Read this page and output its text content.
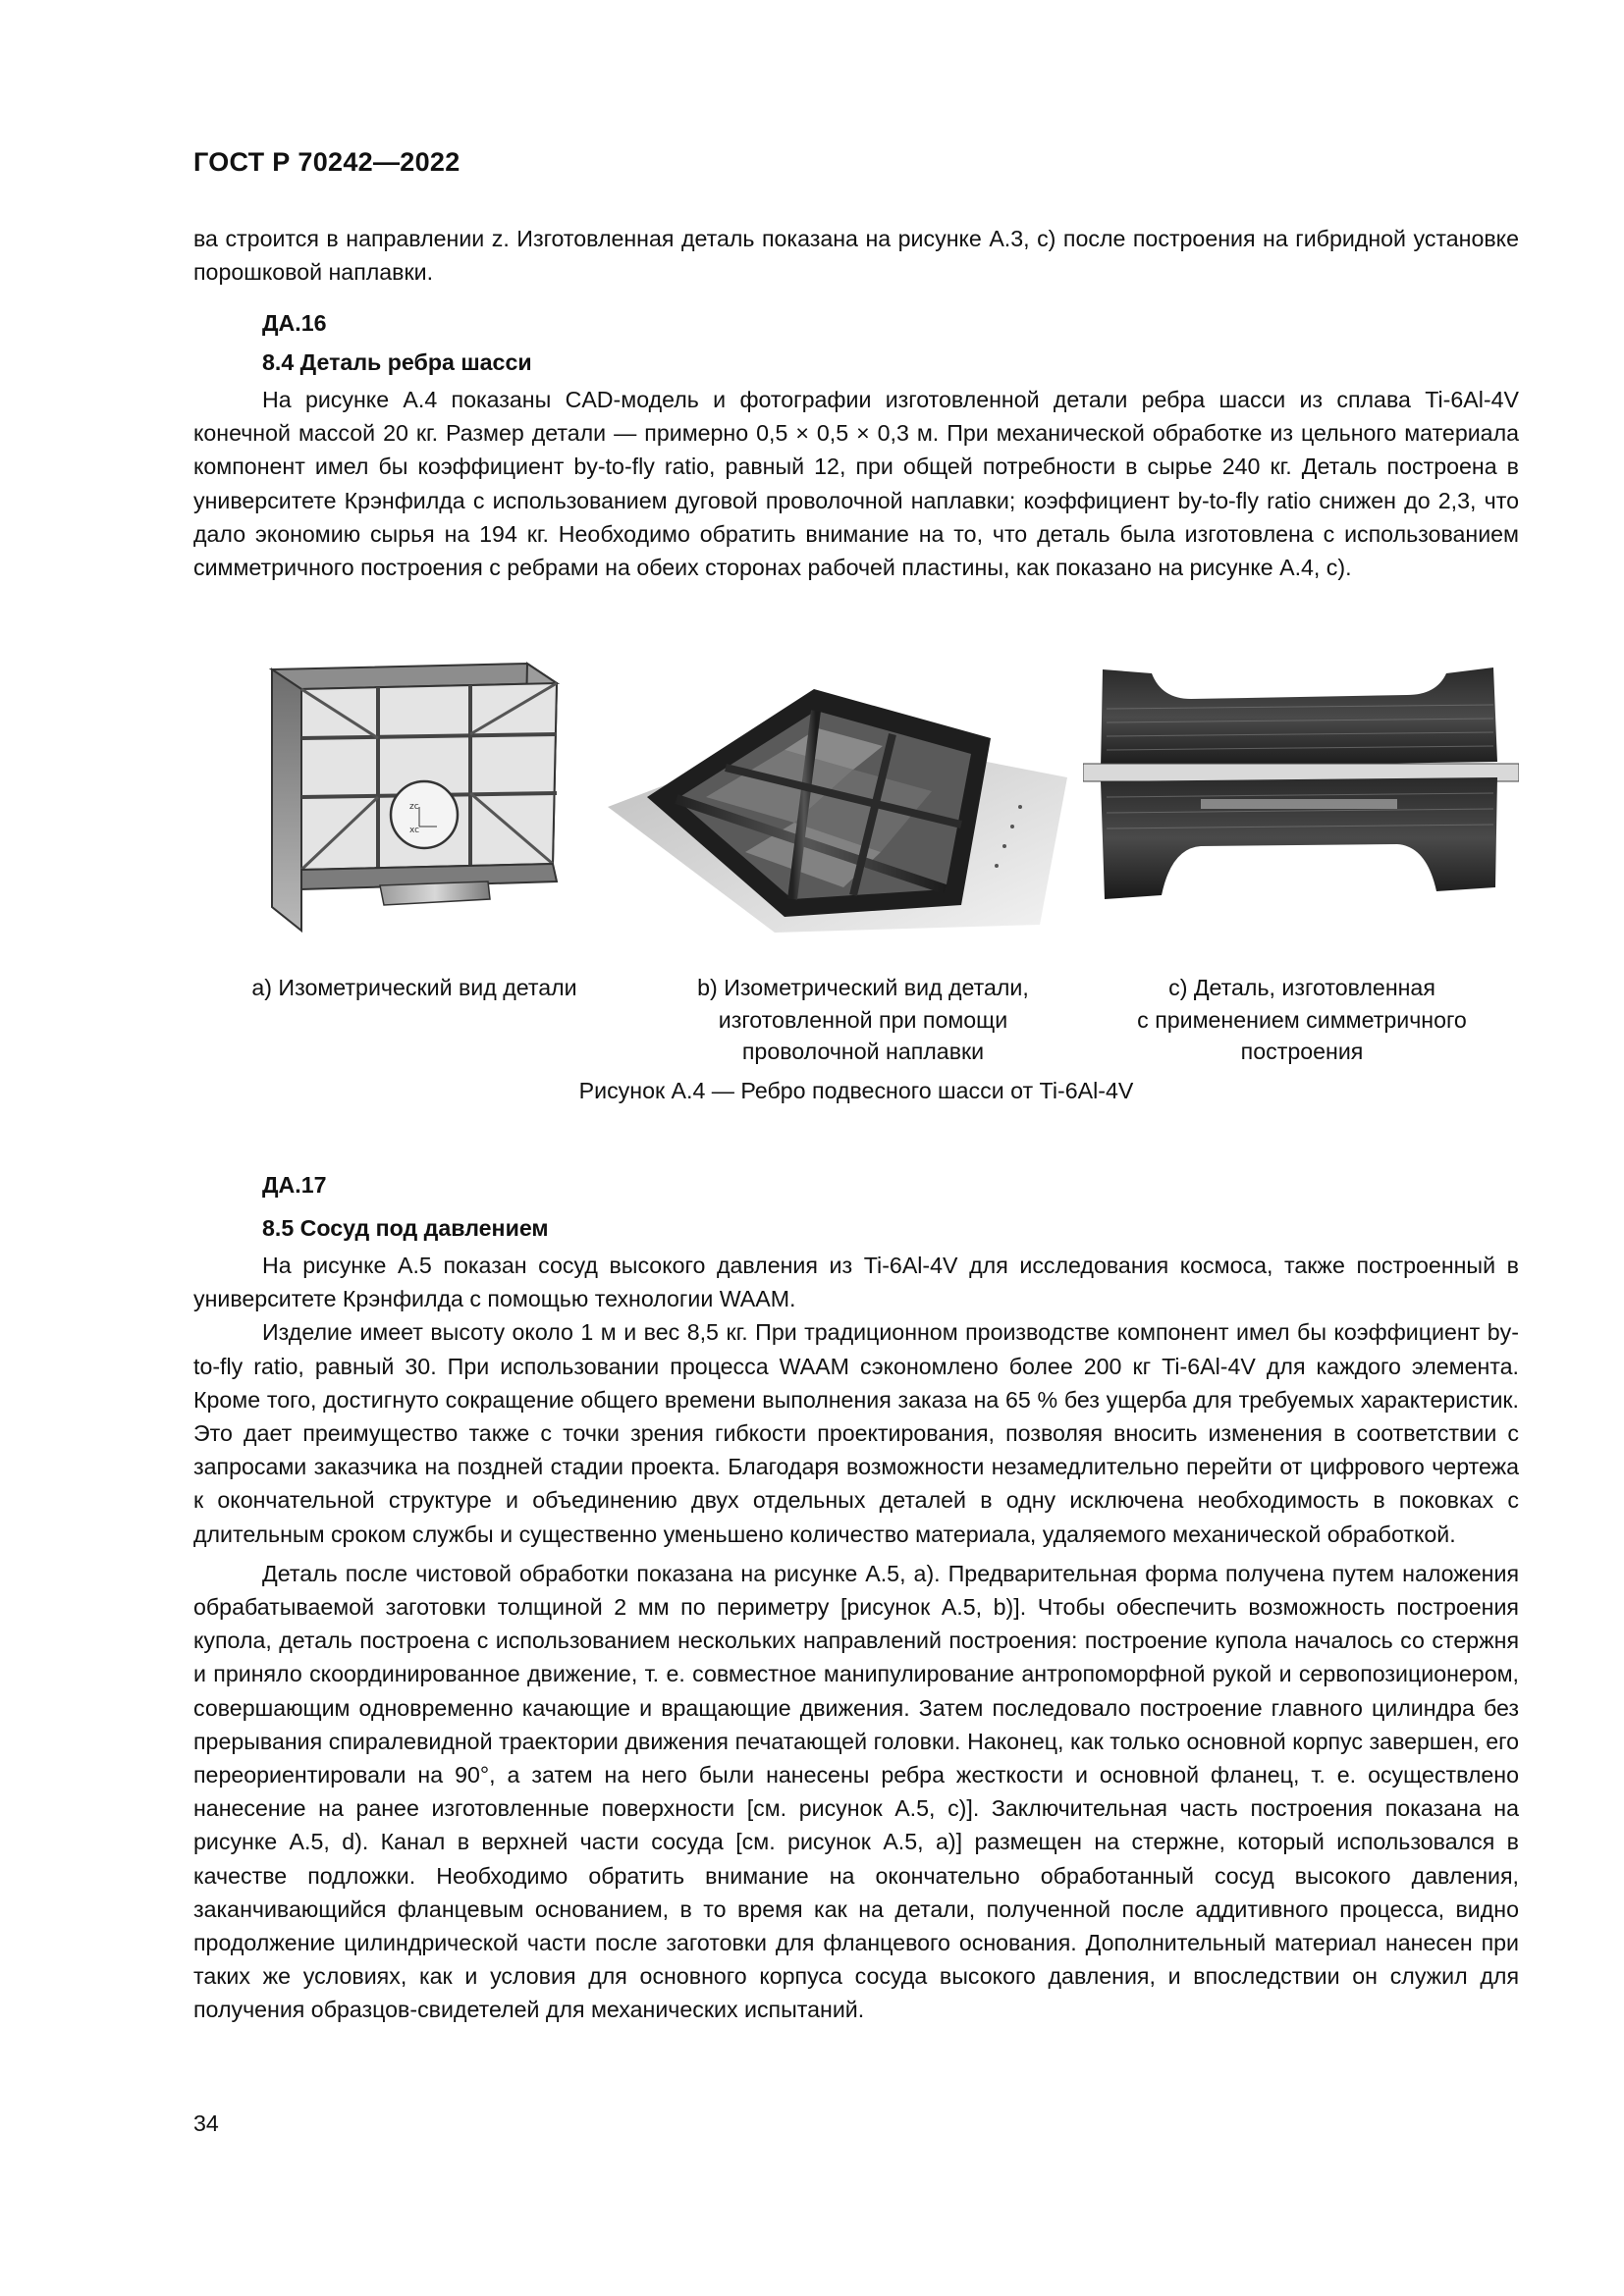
ГОСТ Р 70242—2022

ва строится в направлении z. Изготовленная деталь показана на рисунке А.3, c) после построения на гибридной установке порошковой наплавки.

ДА.16
8.4 Деталь ребра шасси

На рисунке А.4 показаны CAD-модель и фотографии изготовленной детали ребра шасси из сплава Ti-6Al-4V конечной массой 20 кг. Размер детали — примерно 0,5 × 0,5 × 0,3 м. При механической обработке из цельного материала компонент имел бы коэффициент by-to-fly ratio, равный 12, при общей потребности в сырье 240 кг. Деталь построена в университете Крэнфилда с использованием дуговой проволочной наплавки; коэффициент by-to-fly ratio снижен до 2,3, что дало экономию сырья на 194 кг. Необходимо обратить внимание на то, что деталь была изготовлена с использованием симметричного построения с ребрами на обеих сторонах рабочей пластины, как показано на рисунке А.4, c).

zc
xc
a) Изометрический вид детали	b) Изометрический вид детали,
изготовленной при помощи
проволочной наплавки
c) Деталь, изготовленная
с применением симметричного
построения
Рисунок А.4 — Ребро подвесного шасси от Ti-6Al-4V
ДА.17
8.5 Сосуд под давлением

На рисунке А.5 показан сосуд высокого давления из Ti-6Al-4V для исследования космоса, также построенный в университете Крэнфилда с помощью технологии WAAM.

Изделие имеет высоту около 1 м и вес 8,5 кг. При традиционном производстве компонент имел бы коэффициент by-to-fly ratio, равный 30. При использовании процесса WAAM сэкономлено более 200 кг Ti-6Al-4V для каждого элемента. Кроме того, достигнуто сокращение общего времени выполнения заказа на 65 % без ущерба для требуемых характеристик. Это дает преимущество также с точки зрения гибкости проектирования, позволяя вносить изменения в соответствии с запросами заказчика на поздней стадии проекта. Благодаря возможности незамедлительно перейти от цифрового чертежа к окончательной структуре и объединению двух отдельных деталей в одну исключена необходимость в поковках с длительным сроком службы и существенно уменьшено количество материала, удаляемого механической обработкой.

Деталь после чистовой обработки показана на рисунке А.5, a). Предварительная форма получена путем наложения обрабатываемой заготовки толщиной 2 мм по периметру [рисунок А.5, b)]. Чтобы обеспечить возможность построения купола, деталь построена с использованием нескольких направлений построения: построение купола началось со стержня и приняло скоординированное движение, т. е. совместное манипулирование антропоморфной рукой и сервопозиционером, совершающим одновременно качающие и вращающие движения. Затем последовало построение главного цилиндра без прерывания спиралевидной траектории движения печатающей головки. Наконец, как только основной корпус завершен, его переориентировали на 90°, а затем на него были нанесены ребра жесткости и основной фланец, т. е. осуществлено нанесение на ранее изготовленные поверхности [см. рисунок А.5, c)]. Заключительная часть построения показана на рисунке А.5, d). Канал в верхней части сосуда [см. рисунок А.5, a)] размещен на стержне, который использовался в качестве подложки. Необходимо обратить внимание на окончательно обработанный сосуд высокого давления, заканчивающийся фланцевым основанием, в то время как на детали, полученной после аддитивного процесса, видно продолжение цилиндрической части после заготовки для фланцевого основания. Дополнительный материал нанесен при таких же условиях, как и условия для основного корпуса сосуда высокого давления, и впоследствии он служил для получения образцов-свидетелей для механических испытаний.

34
